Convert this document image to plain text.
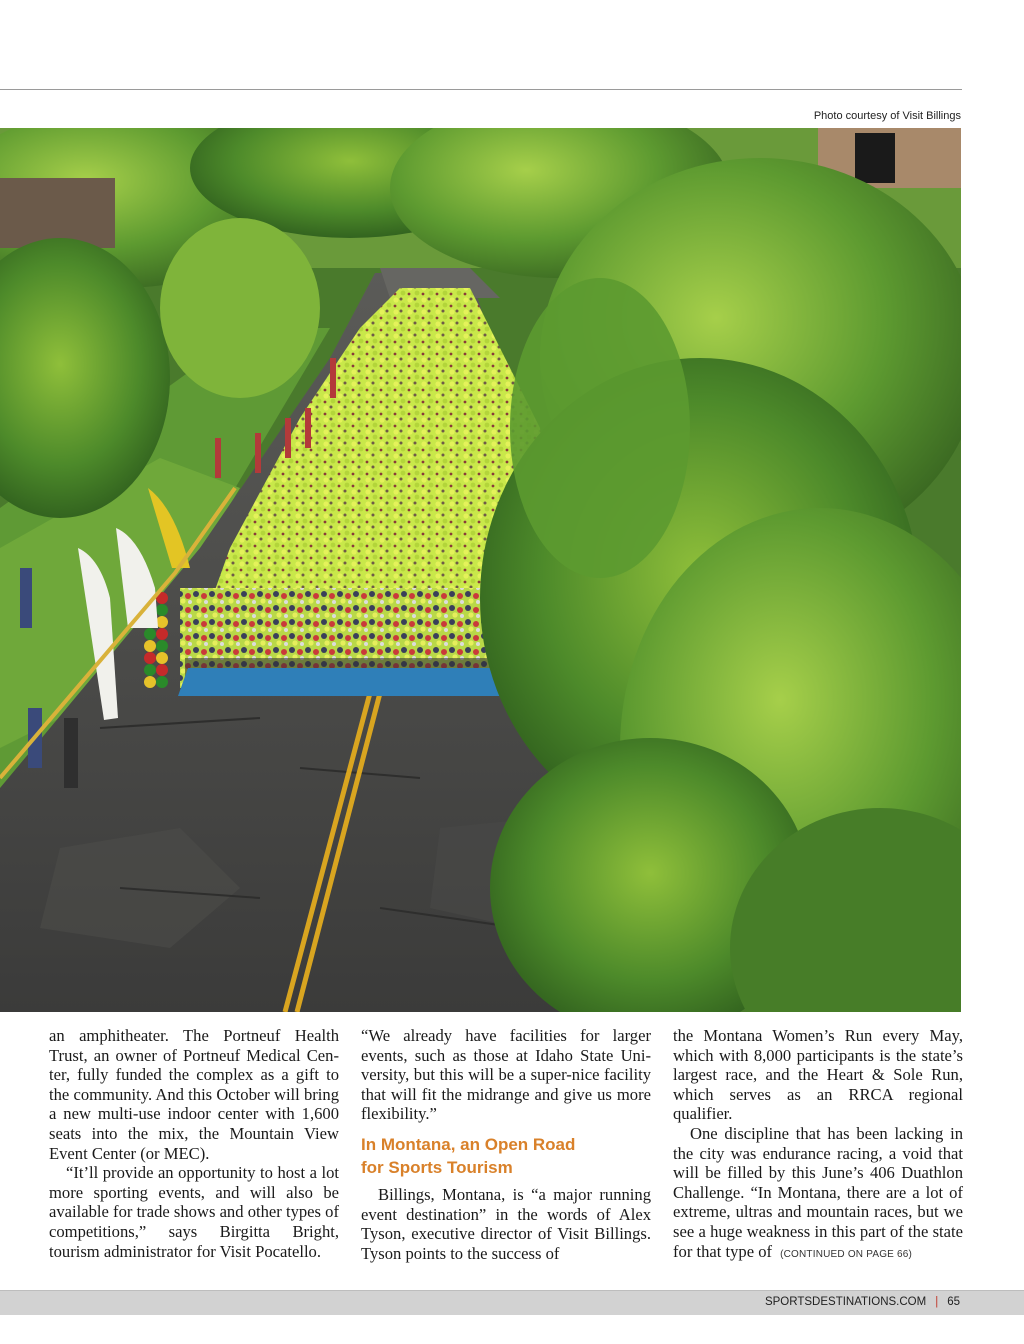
Photo courtesy of Visit Billings

an amphitheater. The Portneuf Health Trust, an owner of Portneuf Medical Center, fully funded the complex as a gift to the community. And this October will bring a new multi-use indoor center with 1,600 seats into the mix, the Mountain View Event Center (or MEC).

“It’ll provide an opportunity to host a lot more sporting events, and will also be available for trade shows and other types of competitions,” says Birgitta Bright, tourism administrator for Visit Pocatello.

“We already have facilities for larger events, such as those at Idaho State University, but this will be a super-nice facility that will fit the midrange and give us more flexibility.”

In Montana, an Open Road
for Sports Tourism

Billings, Montana, is “a major running event destination” in the words of Alex Tyson, executive director of Visit Billings. Tyson points to the success of

the Montana Women’s Run every May, which with 8,000 participants is the state’s largest race, and the Heart & Sole Run, which serves as an RRCA regional qualifier.

One discipline that has been lacking in the city was endurance racing, a void that will be filled by this June’s 406 Duathlon Challenge. “In Montana, there are a lot of extreme, ultras and mountain races, but we see a huge weakness in this part of the state for that type of (CONTINUED ON PAGE 66)

SPORTSDESTINATIONS.COM | 65
